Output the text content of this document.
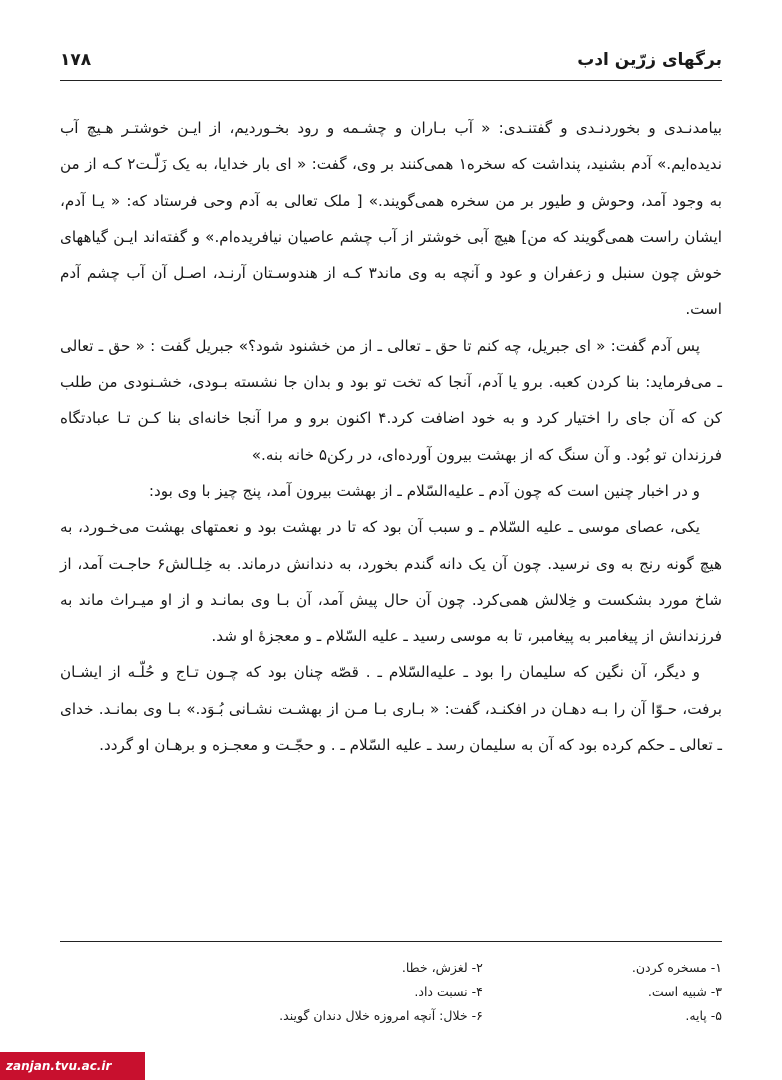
برگهای زرّین ادب
۱۷۸

بیامدنـدی و بخوردنـدی و گفتنـدی: « آب بـاران و چشـمه و رود بخـوردیم، از ایـن خوشتـر هـیچ آب ندیده‌ایم.» آدم بشنید، پنداشت که سخره۱ همی‌کنند بر وی، گفت: « ای بار خدایا، به یک زَلّـت۲ کـه از من به وجود آمد، وحوش و طیور بر من سخره همی‌گویند.» [ ملک تعالی به آدم وحی فرستاد که: « یـا آدم، ایشان راست همی‌گویند که من] هیچ آبی خوشتر از آب چشم عاصیان نیافریده‌ام.» و گفته‌اند ایـن گیاههای خوش چون سنبل و زعفران و عود و آنچه به وی ماند۳ کـه از هندوسـتان آرنـد، اصـل آن آب چشم آدم است.

پس آدم گفت: « ای جبریل، چه کنم تا حق ـ تعالی ـ از من خشنود شود؟» جبریل گفت : « حق ـ تعالی ـ می‌فرماید: بنا کردن کعبه. برو یا آدم، آنجا که تخت تو بود و بدان جا نشسته بـودی، خشـنودی من طلب کن که آن جای را اختیار کرد و به خود اضافت کرد.۴ اکنون برو و مرا آنجا خانه‌ای بنا کـن تـا عبادتگاه فرزندان تو بُود. و آن سنگ که از بهشت بیرون آورده‌ای، در رکن۵ خانه بنه.»

و در اخبار چنین است که چون آدم ـ علیه‌السّلام ـ از بهشت بیرون آمد، پنج چیز با وی بود:

یکی، عصای موسی ـ علیه السّلام ـ و سبب آن بود که تا در بهشت بود و نعمتهای بهشت می‌خـورد، به هیچ گونه رنج به وی نرسید. چون آن یک دانه گندم بخورد، به دندانش درماند. به خِلـالش۶ حاجـت آمد، از شاخ مورد بشکست و خِلالش همی‌کرد. چون آن حال پیش آمد، آن بـا وی بمانـد و از او میـراث ماند به فرزندانش از پیغامبر به پیغامبر، تا به موسی رسید ـ علیه السّلام ـ و معجزهٔ او شد.

و دیگر، آن نگین که سلیمان را بود ـ علیه‌السّلام ـ . قصّه چنان بود که چـون تـاج و حُلّـه از ایشـان برفت، حـوّا آن را بـه دهـان در افکنـد، گفت: « بـاری بـا مـن از بهشـت نشـانی بُـوَد.» بـا وی بمانـد. خدای ـ تعالی ـ حکم کرده بود که آن به سلیمان رسد ـ علیه السّلام ـ . و حجّـت و معجـزه و برهـان او گردد.

۱- مسخره کردن.
۲- لغزش، خطا.
۳- شبیه است.
۴- نسبت داد.
۵- پایه.
۶- خلال: آنچه امروزه خلال دندان گویند.
zanjan.tvu.ac.ir
